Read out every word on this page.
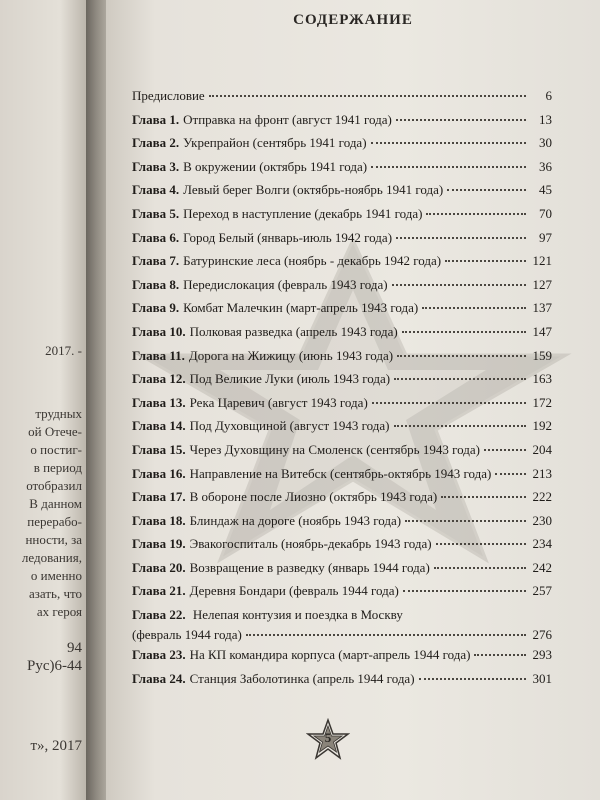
2017. -
трудных
ой Отече-
о постиг-
в период
отобразил
В данном
перерабо-
нности, за
ледования,
о именно
азать, что
ах героя
94
Рус)6-44
т», 2017
СОДЕРЖАНИЕ
Предисловие	6
Глава 1. Отправка на фронт (август 1941 года)	13
Глава 2. Укрепрайон (сентябрь 1941 года)	30
Глава 3. В окружении (октябрь 1941 года)	36
Глава 4. Левый берег Волги (октябрь-ноябрь 1941 года)	45
Глава 5. Переход в наступление (декабрь 1941 года)	70
Глава 6. Город Белый (январь-июль 1942 года)	97
Глава 7. Батуринские леса (ноябрь - декабрь 1942 года)	121
Глава 8. Передислокация (февраль 1943 года)	127
Глава 9. Комбат Малечкин (март-апрель 1943 года)	137
Глава 10. Полковая разведка (апрель 1943 года)	147
Глава 11. Дорога на Жижицу (июнь 1943 года)	159
Глава 12. Под Великие Луки (июль 1943 года)	163
Глава 13. Река Царевич (август 1943 года)	172
Глава 14. Под Духовщиной (август 1943 года)	192
Глава 15. Через Духовщину на Смоленск (сентябрь 1943 года)	204
Глава 16. Направление на Витебск (сентябрь-октябрь 1943 года)	213
Глава 17. В обороне после Лиозно (октябрь 1943 года)	222
Глава 18. Блиндаж на дороге (ноябрь 1943 года)	230
Глава 19. Эвакогоспиталь (ноябрь-декабрь 1943 года)	234
Глава 20. Возвращение в разведку (январь 1944 года)	242
Глава 21. Деревня Бондари (февраль 1944 года)	257
Глава 22. Нелепая контузия и поездка в Москву
(февраль 1944 года)	276
Глава 23. На КП командира корпуса (март-апрель 1944 года)	293
Глава 24. Станция Заболотинка (апрель 1944 года)	301
5
